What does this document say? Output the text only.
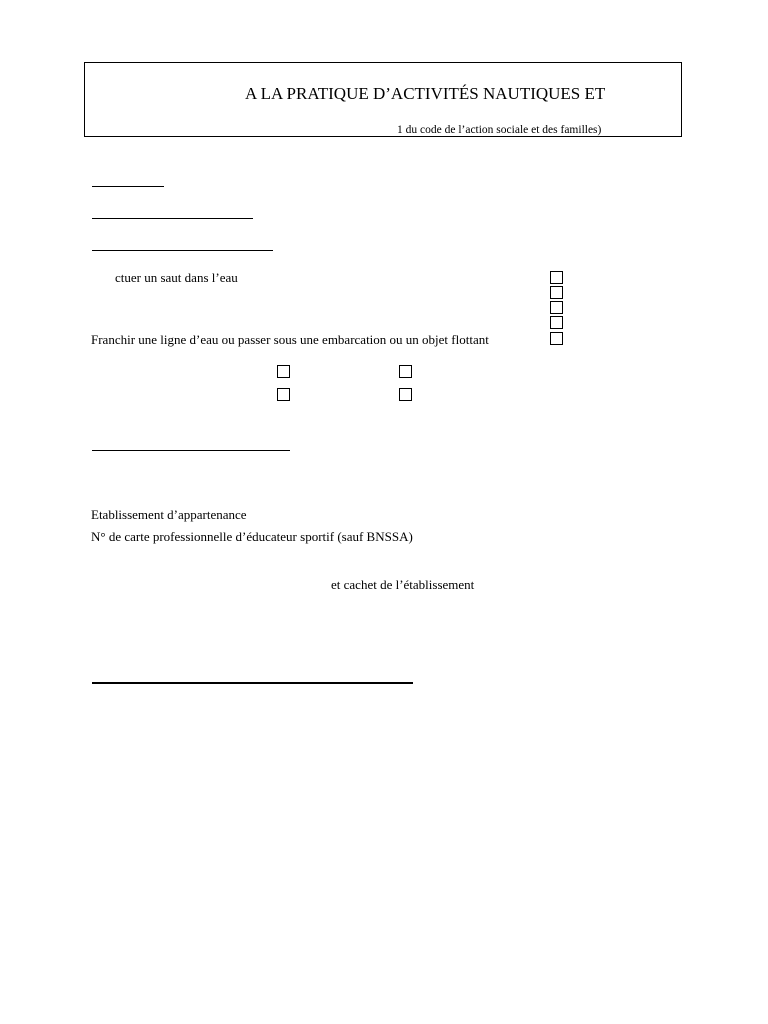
A LA PRATIQUE D’ACTIVITÉS NAUTIQUES ET
1 du code de l’action sociale et des familles)
ctuer un saut dans l’eau
Franchir une ligne d’eau ou passer sous une embarcation ou un objet flottant
Etablissement d’appartenance
N° de carte professionnelle d’éducateur sportif (sauf BNSSA)
et cachet de l’établissement
